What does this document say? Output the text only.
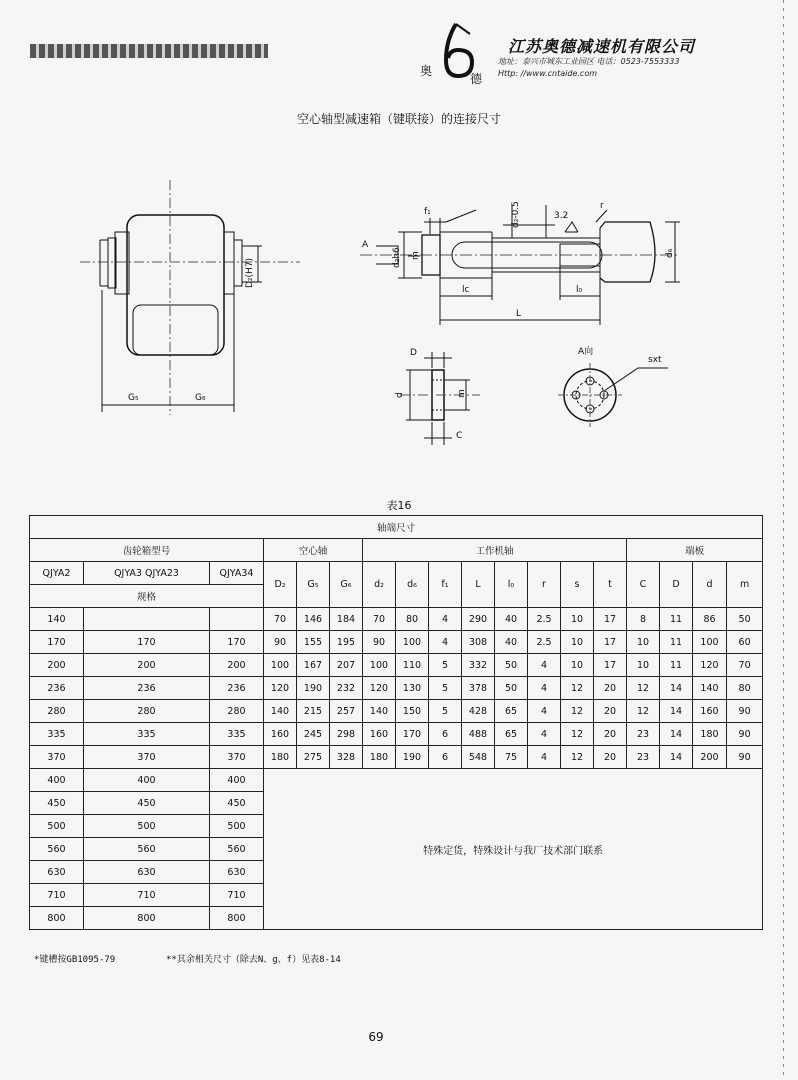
奥
德
江苏奥德减速机有限公司
地址：泰兴市城东工业园区 电话：0523-7553333
Http: //www.cntaide.com
空心轴型减速箱（键联接）的连接尺寸
G₅	G₆
D₂(H7)
A
d₂h6 m
f₁	d₂-0.5	3.2
r
d₆
lc	l₀
L
D
d	m
C
A向
sxt
表16
轴端尺寸																	
齿轮箱型号			空心轴			工作机轴								端板			
QJYA2	QJYA3 QJYA23	QJYA34	D₂	G₅	G₆	d₂	d₆	f₁	L	l₀	r	s	t	C	D	d	m
规格																	
140			70	146	184	70	80	4	290	40	2.5	10	17	8	11	86	50
170	170	170	90	155	195	90	100	4	308	40	2.5	10	17	10	11	100	60
200	200	200	100	167	207	100	110	5	332	50	4	10	17	10	11	120	70
236	236	236	120	190	232	120	130	5	378	50	4	12	20	12	14	140	80
280	280	280	140	215	257	140	150	5	428	65	4	12	20	12	14	160	90
335	335	335	160	245	298	160	170	6	488	65	4	12	20	23	14	180	90
370	370	370	180	275	328	180	190	6	548	75	4	12	20	23	14	200	90
400	400	400	特殊定货，特殊设计与我厂技术部门联系														
450	450	450															
500	500	500															
560	560	560															
630	630	630															
710	710	710															
800	800	800															
*键槽按GB1095-79	**其余相关尺寸（除去N、g、f）见表8-14
69
